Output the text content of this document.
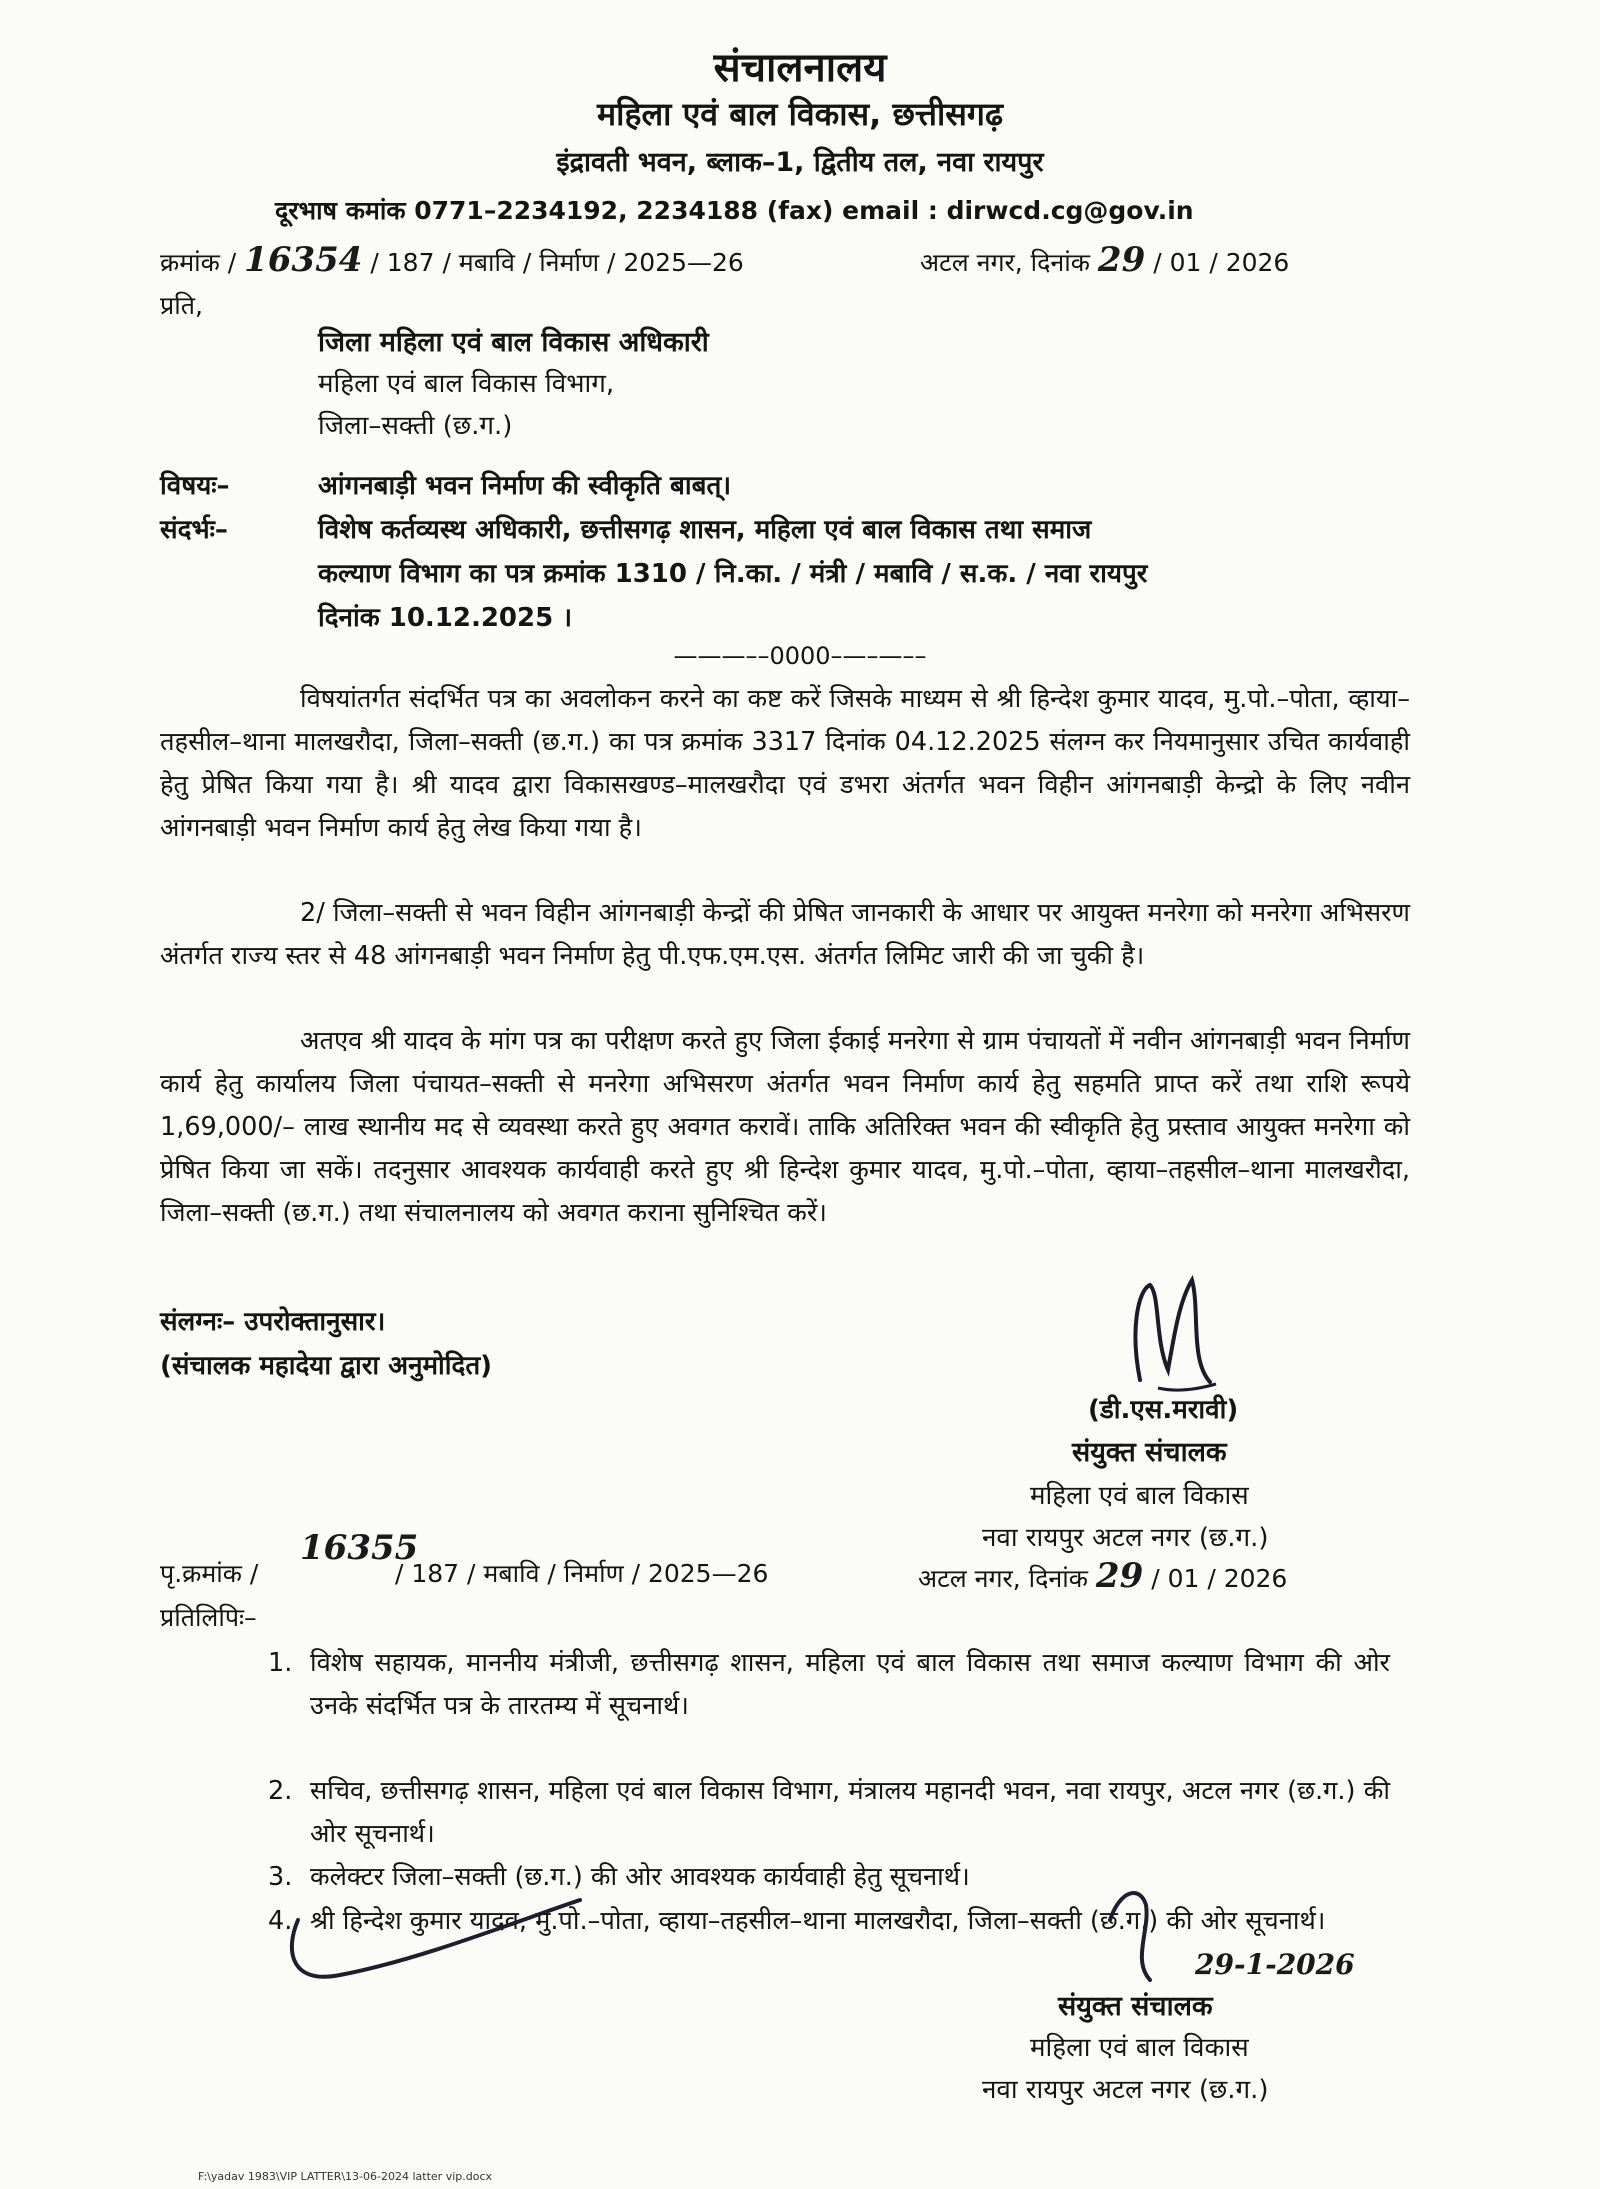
संचालनालय
महिला एवं बाल विकास, छत्तीसगढ़
इंद्रावती भवन, ब्लाक–1, द्वितीय तल, नवा रायपुर
दूरभाष कमांक 0771–2234192, 2234188 (fax) email : dirwcd.cg@gov.in
क्रमांक / 16354 / 187 / मबावि / निर्माण / 2025—26	अटल नगर, दिनांक 29 / 01 / 2026
प्रति,
जिला महिला एवं बाल विकास अधिकारी
महिला एवं बाल विकास विभाग,
जिला–सक्ती (छ.ग.)
विषयः–	आंगनबाड़ी भवन निर्माण की स्वीकृति बाबत्।
संदर्भः–	विशेष कर्तव्यस्थ अधिकारी, छत्तीसगढ़ शासन, महिला एवं बाल विकास तथा समाज
कल्याण विभाग का पत्र क्रमांक 1310 / नि.का. / मंत्री / मबावि / स.क. / नवा रायपुर
दिनांक 10.12.2025 ।
———––0000–—–—––
विषयांतर्गत संदर्भित पत्र का अवलोकन करने का कष्ट करें जिसके माध्यम से श्री हिन्देश कुमार यादव, मु.पो.–पोता, व्हाया–तहसील–थाना मालखरौदा, जिला–सक्ती (छ.ग.) का पत्र क्रमांक 3317 दिनांक 04.12.2025 संलग्न कर नियमानुसार उचित कार्यवाही हेतु प्रेषित किया गया है। श्री यादव द्वारा विकासखण्ड–मालखरौदा एवं डभरा अंतर्गत भवन विहीन आंगनबाड़ी केन्द्रो के लिए नवीन आंगनबाड़ी भवन निर्माण कार्य हेतु लेख किया गया है।
2/ जिला–सक्ती से भवन विहीन आंगनबाड़ी केन्द्रों की प्रेषित जानकारी के आधार पर आयुक्त मनरेगा को मनरेगा अभिसरण अंतर्गत राज्य स्तर से 48 आंगनबाड़ी भवन निर्माण हेतु पी.एफ.एम.एस. अंतर्गत लिमिट जारी की जा चुकी है।
अतएव श्री यादव के मांग पत्र का परीक्षण करते हुए जिला ईकाई मनरेगा से ग्राम पंचायतों में नवीन आंगनबाड़ी भवन निर्माण कार्य हेतु कार्यालय जिला पंचायत–सक्ती से मनरेगा अभिसरण अंतर्गत भवन निर्माण कार्य हेतु सहमति प्राप्त करें तथा राशि रूपये 1,69,000/– लाख स्थानीय मद से व्यवस्था करते हुए अवगत करावें। ताकि अतिरिक्त भवन की स्वीकृति हेतु प्रस्ताव आयुक्त मनरेगा को प्रेषित किया जा सकें। तदनुसार आवश्यक कार्यवाही करते हुए श्री हिन्देश कुमार यादव, मु.पो.–पोता, व्हाया–तहसील–थाना मालखरौदा, जिला–सक्ती (छ.ग.) तथा संचालनालय को अवगत कराना सुनिश्चित करें।
संलग्नः– उपरोक्तानुसार।
(संचालक महादेया द्वारा अनुमोदित)
(डी.एस.मरावी)
संयुक्त संचालक
महिला एवं बाल विकास
नवा रायपुर अटल नगर (छ.ग.)
पृ.क्रमांक /
16355
/ 187 / मबावि / निर्माण / 2025—26	अटल नगर, दिनांक 29 / 01 / 2026
प्रतिलिपिः–
1. विशेष सहायक, माननीय मंत्रीजी, छत्तीसगढ़ शासन, महिला एवं बाल विकास तथा समाज कल्याण विभाग की ओर उनके संदर्भित पत्र के तारतम्य में सूचनार्थ।
2. सचिव, छत्तीसगढ़ शासन, महिला एवं बाल विकास विभाग, मंत्रालय महानदी भवन, नवा रायपुर, अटल नगर (छ.ग.) की ओर सूचनार्थ।
3. कलेक्टर जिला–सक्ती (छ.ग.) की ओर आवश्यक कार्यवाही हेतु सूचनार्थ।
4. श्री हिन्देश कुमार यादव, मु.पो.–पोता, व्हाया–तहसील–थाना मालखरौदा, जिला–सक्ती (छ.ग.) की ओर सूचनार्थ।
29-1-2026
संयुक्त संचालक
महिला एवं बाल विकास
नवा रायपुर अटल नगर (छ.ग.)
F:\yadav 1983\VIP LATTER\13-06-2024 latter vip.docx
